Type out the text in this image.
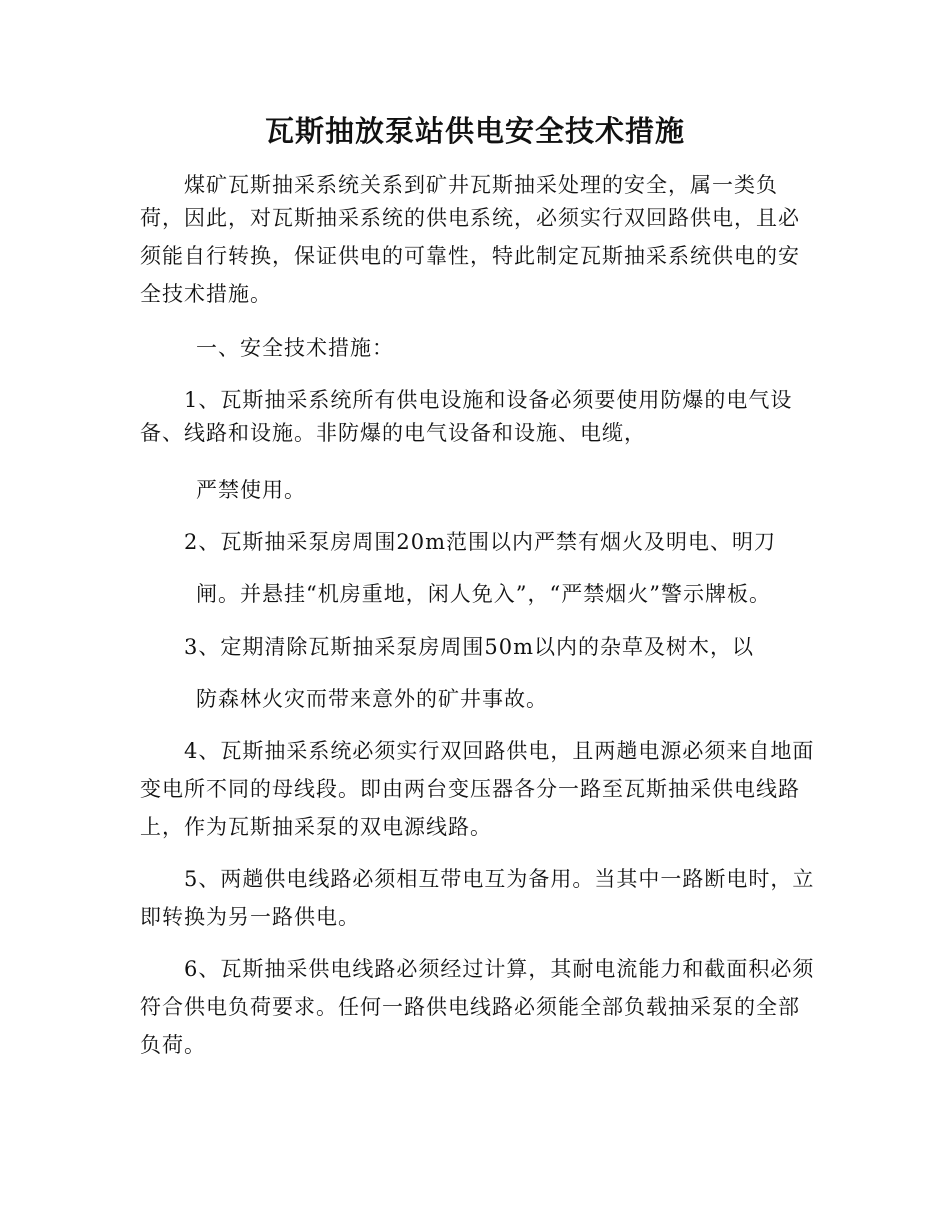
瓦斯抽放泵站供电安全技术措施
煤矿瓦斯抽采系统关系到矿井瓦斯抽采处理的安全，属一类负
荷，因此，对瓦斯抽采系统的供电系统，必须实行双回路供电，且必
须能自行转换，保证供电的可靠性，特此制定瓦斯抽采系统供电的安
全技术措施。
一、安全技术措施：
1、瓦斯抽采系统所有供电设施和设备必须要使用防爆的电气设
备、线路和设施。非防爆的电气设备和设施、电缆，
严禁使用。
2、瓦斯抽采泵房周围20m范围以内严禁有烟火及明电、明刀
闸。并悬挂“机房重地，闲人免入”，“严禁烟火”警示牌板。
3、定期清除瓦斯抽采泵房周围50m以内的杂草及树木，以
防森林火灾而带来意外的矿井事故。
4、瓦斯抽采系统必须实行双回路供电，且两趟电源必须来自地面
变电所不同的母线段。即由两台变压器各分一路至瓦斯抽采供电线路
上，作为瓦斯抽采泵的双电源线路。
5、两趟供电线路必须相互带电互为备用。当其中一路断电时，立
即转换为另一路供电。
6、瓦斯抽采供电线路必须经过计算，其耐电流能力和截面积必须
符合供电负荷要求。任何一路供电线路必须能全部负载抽采泵的全部
负荷。
